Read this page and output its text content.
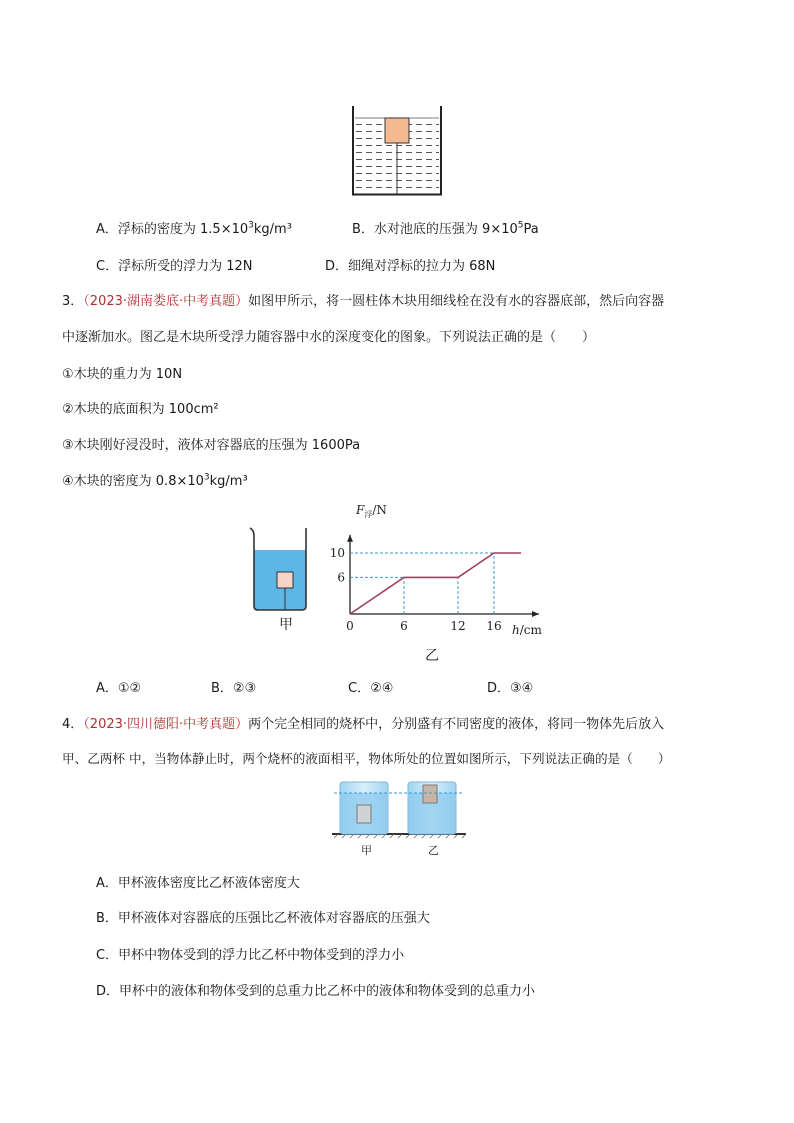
A．浮标的密度为 $1.5\times 10^3kg/m^3$	B．水对池底的压强为 $9\times 10^5Pa$
C．浮标所受的浮力为 12N	D．细绳对浮标的拉力为 68N
3．（2023·湖南娄底·中考真题）如图甲所示，将一圆柱体木块用细线栓在没有水的容器底部，然后向容器
中逐渐加水。图乙是木块所受浮力随容器中水的深度变化的图象。下列说法正确的是（　　）
①木块的重力为 10N
②木块的底面积为 100cm²
③木块刚好浸没时，液体对容器底的压强为 1600Pa
④木块的密度为 $0.8\times 10^3kg/m^3$
甲	0	6	12 16
6
10
h/cm
$F_浮/N$
乙
A．①②	B．②③	C．②④	D．③④
4．（2023·四川德阳·中考真题）两个完全相同的烧杯中，分别盛有不同密度的液体，将同一物体先后放入
甲、乙两杯 中，当物体静止时，两个烧杯的液面相平，物体所处的位置如图所示，下列说法正确的是（　　）
甲	乙
A．甲杯液体密度比乙杯液体密度大
B．甲杯液体对容器底的压强比乙杯液体对容器底的压强大
C．甲杯中物体受到的浮力比乙杯中物体受到的浮力小
D．甲杯中的液体和物体受到的总重力比乙杯中的液体和物体受到的总重力小
